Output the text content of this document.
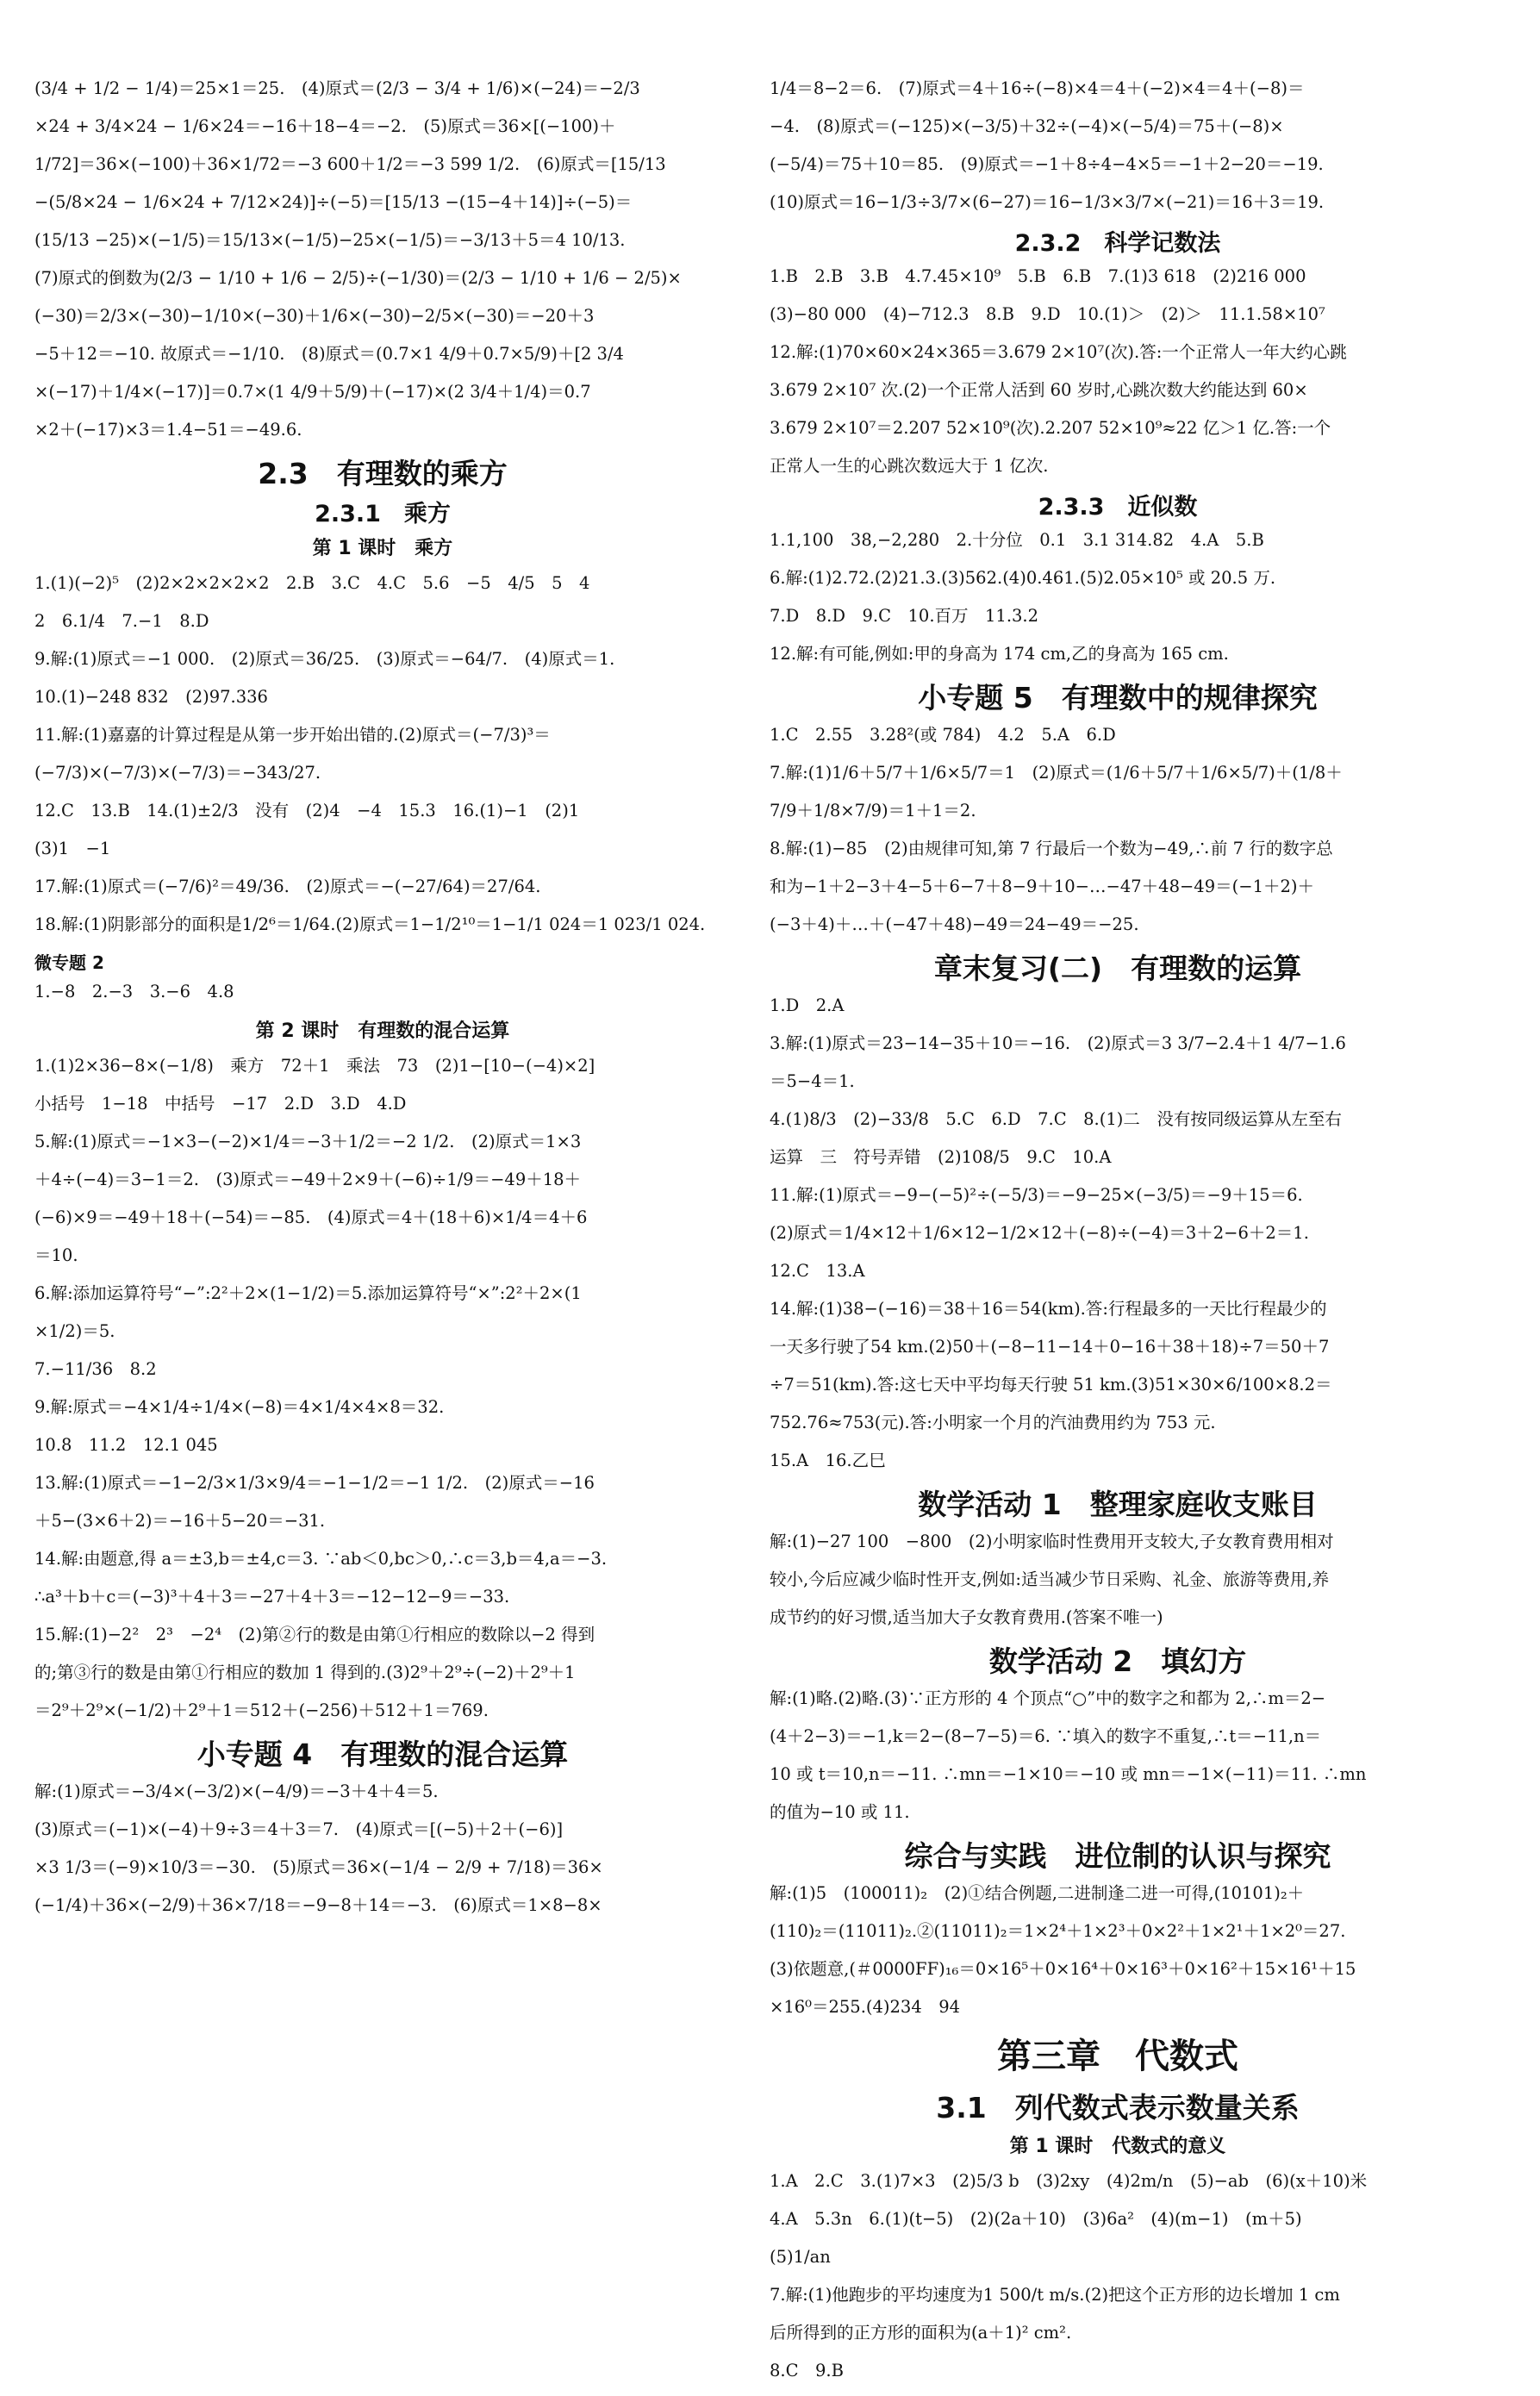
(3/4 + 1/2 − 1/4)＝25×1＝25.　(4)原式＝(2/3 − 3/4 + 1/6)×(−24)＝−2/3
×24 + 3/4×24 − 1/6×24＝−16＋18−4＝−2.　(5)原式＝36×[(−100)＋
1/72]＝36×(−100)＋36×1/72＝−3 600＋1/2＝−3 599 1/2.　(6)原式＝[15/13
−(5/8×24 − 1/6×24 + 7/12×24)]÷(−5)＝[15/13 −(15−4＋14)]÷(−5)＝
(15/13 −25)×(−1/5)＝15/13×(−1/5)−25×(−1/5)＝−3/13＋5＝4 10/13.
(7)原式的倒数为(2/3 − 1/10 + 1/6 − 2/5)÷(−1/30)＝(2/3 − 1/10 + 1/6 − 2/5)×
(−30)＝2/3×(−30)−1/10×(−30)＋1/6×(−30)−2/5×(−30)＝−20＋3
−5＋12＝−10. 故原式＝−1/10.　(8)原式＝(0.7×1 4/9＋0.7×5/9)＋[2 3/4
×(−17)＋1/4×(−17)]＝0.7×(1 4/9＋5/9)＋(−17)×(2 3/4＋1/4)＝0.7
×2＋(−17)×3＝1.4−51＝−49.6.
2.3　有理数的乘方
2.3.1　乘方
第 1 课时　乘方
1.(1)(−2)⁵　(2)2×2×2×2×2　2.B　3.C　4.C　5.6　−5　4/5　5　4
2　6.1/4　7.−1　8.D
9.解:(1)原式＝−1 000.　(2)原式＝36/25.　(3)原式＝−64/7.　(4)原式＝1.
10.(1)−248 832　(2)97.336
11.解:(1)嘉嘉的计算过程是从第一步开始出错的.(2)原式＝(−7/3)³＝
(−7/3)×(−7/3)×(−7/3)＝−343/27.
12.C　13.B　14.(1)±2/3　没有　(2)4　−4　15.3　16.(1)−1　(2)1
(3)1　−1
17.解:(1)原式＝(−7/6)²＝49/36.　(2)原式＝−(−27/64)＝27/64.
18.解:(1)阴影部分的面积是1/2⁶＝1/64.(2)原式＝1−1/2¹⁰＝1−1/1 024＝1 023/1 024.
微专题 2
1.−8　2.−3　3.−6　4.8
第 2 课时　有理数的混合运算
1.(1)2×36−8×(−1/8)　乘方　72＋1　乘法　73　(2)1−[10−(−4)×2]
小括号　1−18　中括号　−17　2.D　3.D　4.D
5.解:(1)原式＝−1×3−(−2)×1/4＝−3＋1/2＝−2 1/2.　(2)原式＝1×3
＋4÷(−4)＝3−1＝2.　(3)原式＝−49＋2×9＋(−6)÷1/9＝−49＋18＋
(−6)×9＝−49＋18＋(−54)＝−85.　(4)原式＝4＋(18＋6)×1/4＝4＋6
＝10.
6.解:添加运算符号“−”:2²＋2×(1−1/2)＝5.添加运算符号“×”:2²＋2×(1
×1/2)＝5.
7.−11/36　8.2
9.解:原式＝−4×1/4÷1/4×(−8)＝4×1/4×4×8＝32.
10.8　11.2　12.1 045
13.解:(1)原式＝−1−2/3×1/3×9/4＝−1−1/2＝−1 1/2.　(2)原式＝−16
＋5−(3×6＋2)＝−16＋5−20＝−31.
14.解:由题意,得 a＝±3,b＝±4,c＝3. ∵ab＜0,bc＞0,∴c＝3,b＝4,a＝−3.
∴a³＋b＋c＝(−3)³＋4＋3＝−27＋4＋3＝−12−12−9＝−33.
15.解:(1)−2²　2³　−2⁴　(2)第②行的数是由第①行相应的数除以−2 得到
的;第③行的数是由第①行相应的数加 1 得到的.(3)2⁹＋2⁹÷(−2)＋2⁹＋1
＝2⁹＋2⁹×(−1/2)＋2⁹＋1＝512＋(−256)＋512＋1＝769.
小专题 4　有理数的混合运算
解:(1)原式＝−3/4×(−3/2)×(−4/9)＝−3＋4＋4＝5.
(3)原式＝(−1)×(−4)＋9÷3＝4＋3＝7.　(4)原式＝[(−5)＋2＋(−6)]
×3 1/3＝(−9)×10/3＝−30.　(5)原式＝36×(−1/4 − 2/9 + 7/18)＝36×
(−1/4)＋36×(−2/9)＋36×7/18＝−9−8＋14＝−3.　(6)原式＝1×8−8×
1/4＝8−2＝6.　(7)原式＝4＋16÷(−8)×4＝4＋(−2)×4＝4＋(−8)＝
−4.　(8)原式＝(−125)×(−3/5)＋32÷(−4)×(−5/4)＝75＋(−8)×
(−5/4)＝75＋10＝85.　(9)原式＝−1＋8÷4−4×5＝−1＋2−20＝−19.
(10)原式＝16−1/3÷3/7×(6−27)＝16−1/3×3/7×(−21)＝16＋3＝19.
2.3.2　科学记数法
1.B　2.B　3.B　4.7.45×10⁹　5.B　6.B　7.(1)3 618　(2)216 000
(3)−80 000　(4)−712.3　8.B　9.D　10.(1)＞　(2)＞　11.1.58×10⁷
12.解:(1)70×60×24×365＝3.679 2×10⁷(次).答:一个正常人一年大约心跳
3.679 2×10⁷ 次.(2)一个正常人活到 60 岁时,心跳次数大约能达到 60×
3.679 2×10⁷＝2.207 52×10⁹(次).2.207 52×10⁹≈22 亿＞1 亿.答:一个
正常人一生的心跳次数远大于 1 亿次.
2.3.3　近似数
1.1,100　38,−2,280　2.十分位　0.1　3.1 314.82　4.A　5.B
6.解:(1)2.72.(2)21.3.(3)562.(4)0.461.(5)2.05×10⁵ 或 20.5 万.
7.D　8.D　9.C　10.百万　11.3.2
12.解:有可能,例如:甲的身高为 174 cm,乙的身高为 165 cm.
小专题 5　有理数中的规律探究
1.C　2.55　3.28²(或 784)　4.2　5.A　6.D
7.解:(1)1/6＋5/7＋1/6×5/7＝1　(2)原式＝(1/6＋5/7＋1/6×5/7)＋(1/8＋
7/9＋1/8×7/9)＝1＋1＝2.
8.解:(1)−85　(2)由规律可知,第 7 行最后一个数为−49,∴前 7 行的数字总
和为−1＋2−3＋4−5＋6−7＋8−9＋10−…−47＋48−49＝(−1＋2)＋
(−3＋4)＋…＋(−47＋48)−49＝24−49＝−25.
章末复习(二)　有理数的运算
1.D　2.A
3.解:(1)原式＝23−14−35＋10＝−16.　(2)原式＝3 3/7−2.4＋1 4/7−1.6
＝5−4＝1.
4.(1)8/3　(2)−33/8　5.C　6.D　7.C　8.(1)二　没有按同级运算从左至右
运算　三　符号弄错　(2)108/5　9.C　10.A
11.解:(1)原式＝−9−(−5)²÷(−5/3)＝−9−25×(−3/5)＝−9＋15＝6.
(2)原式＝1/4×12＋1/6×12−1/2×12＋(−8)÷(−4)＝3＋2−6＋2＝1.
12.C　13.A
14.解:(1)38−(−16)＝38＋16＝54(km).答:行程最多的一天比行程最少的
一天多行驶了54 km.(2)50＋(−8−11−14＋0−16＋38＋18)÷7＝50＋7
÷7＝51(km).答:这七天中平均每天行驶 51 km.(3)51×30×6/100×8.2＝
752.76≈753(元).答:小明家一个月的汽油费用约为 753 元.
15.A　16.乙巳
数学活动 1　整理家庭收支账目
解:(1)−27 100　−800　(2)小明家临时性费用开支较大,子女教育费用相对
较小,今后应减少临时性开支,例如:适当减少节日采购、礼金、旅游等费用,养
成节约的好习惯,适当加大子女教育费用.(答案不唯一)
数学活动 2　填幻方
解:(1)略.(2)略.(3)∵正方形的 4 个顶点“○”中的数字之和都为 2,∴m＝2−
(4＋2−3)＝−1,k＝2−(8−7−5)＝6. ∵填入的数字不重复,∴t＝−11,n＝
10 或 t＝10,n＝−11. ∴mn＝−1×10＝−10 或 mn＝−1×(−11)＝11. ∴mn
的值为−10 或 11.
综合与实践　进位制的认识与探究
解:(1)5　(100011)₂　(2)①结合例题,二进制逢二进一可得,(10101)₂＋
(110)₂＝(11011)₂.②(11011)₂＝1×2⁴＋1×2³＋0×2²＋1×2¹＋1×2⁰＝27.
(3)依题意,(＃0000FF)₁₆＝0×16⁵＋0×16⁴＋0×16³＋0×16²＋15×16¹＋15
×16⁰＝255.(4)234　94
第三章　代数式
3.1　列代数式表示数量关系
第 1 课时　代数式的意义
1.A　2.C　3.(1)7×3　(2)5/3 b　(3)2xy　(4)2m/n　(5)−ab　(6)(x＋10)米
4.A　5.3n　6.(1)(t−5)　(2)(2a＋10)　(3)6a²　(4)(m−1)　(m＋5)
(5)1/an
7.解:(1)他跑步的平均速度为1 500/t m/s.(2)把这个正方形的边长增加 1 cm
后所得到的正方形的面积为(a＋1)² cm².
8.C　9.B
